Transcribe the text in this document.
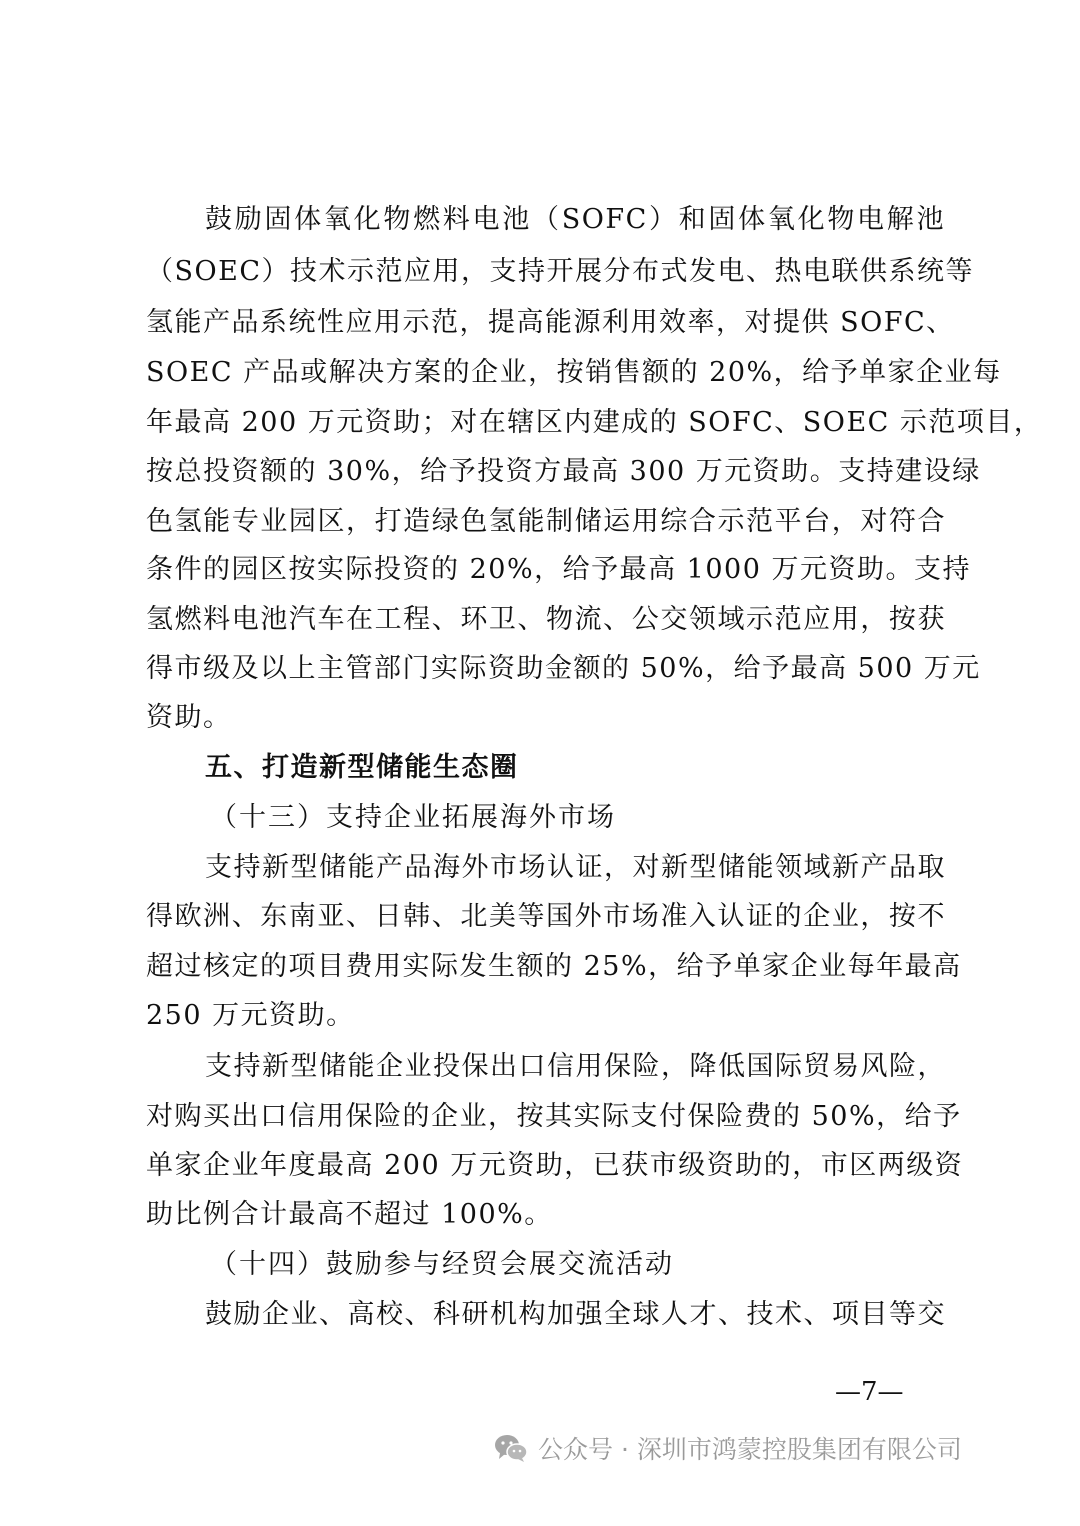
鼓励固体氧化物燃料电池（SOFC）和固体氧化物电解池
（SOEC）技术示范应用，支持开展分布式发电、热电联供系统等
氢能产品系统性应用示范，提高能源利用效率，对提供 SOFC、
SOEC 产品或解决方案的企业，按销售额的 20%，给予单家企业每
年最高 200 万元资助；对在辖区内建成的 SOFC、SOEC 示范项目，
按总投资额的 30%，给予投资方最高 300 万元资助。支持建设绿
色氢能专业园区，打造绿色氢能制储运用综合示范平台，对符合
条件的园区按实际投资的 20%，给予最高 1000 万元资助。支持
氢燃料电池汽车在工程、环卫、物流、公交领域示范应用，按获
得市级及以上主管部门实际资助金额的 50%，给予最高 500 万元
资助。
五、打造新型储能生态圈
（十三）支持企业拓展海外市场
支持新型储能产品海外市场认证，对新型储能领域新产品取
得欧洲、东南亚、日韩、北美等国外市场准入认证的企业，按不
超过核定的项目费用实际发生额的 25%，给予单家企业每年最高
250 万元资助。
支持新型储能企业投保出口信用保险，降低国际贸易风险，
对购买出口信用保险的企业，按其实际支付保险费的 50%，给予
单家企业年度最高 200 万元资助，已获市级资助的，市区两级资
助比例合计最高不超过 100%。
（十四）鼓励参与经贸会展交流活动
鼓励企业、高校、科研机构加强全球人才、技术、项目等交
—7—
公众号 · 深圳市鸿蒙控股集团有限公司
